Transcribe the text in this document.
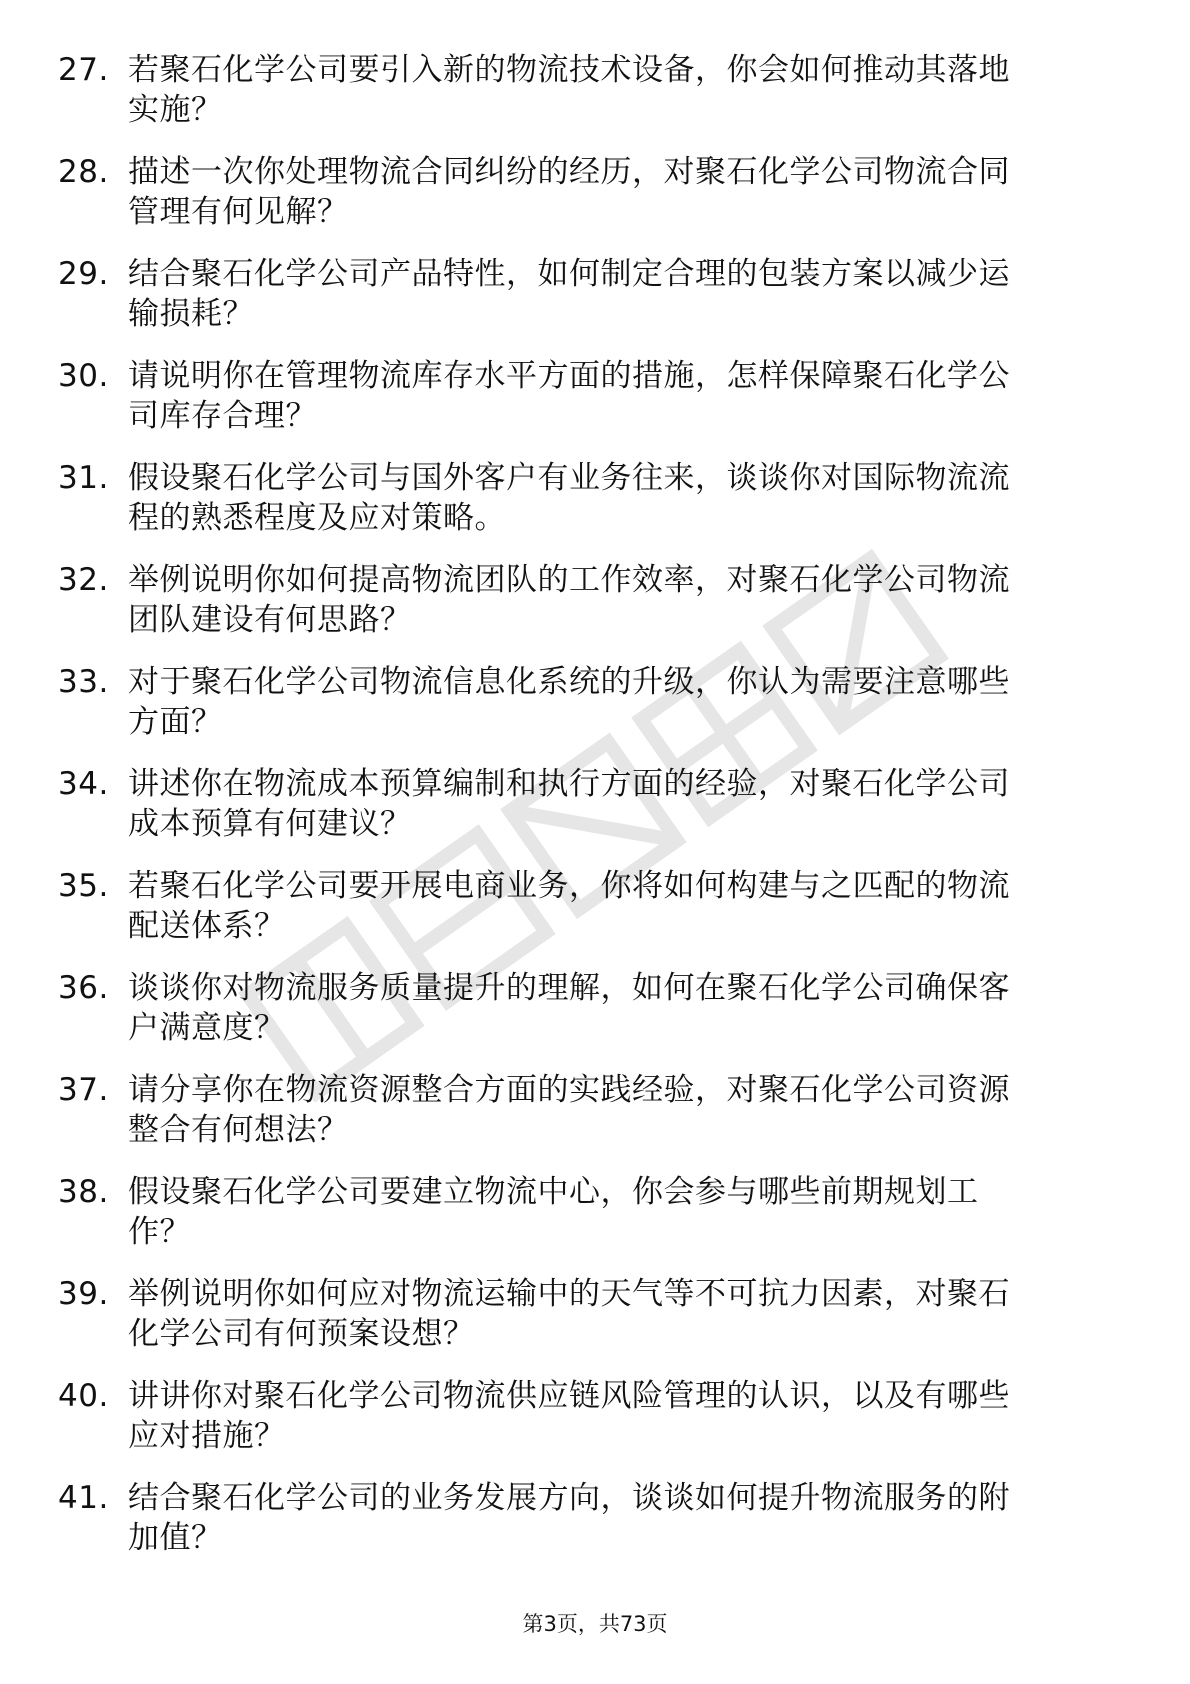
27. 若聚石化学公司要引入新的物流技术设备，你会如何推动其落地
实施？
28. 描述一次你处理物流合同纠纷的经历，对聚石化学公司物流合同
管理有何见解？
29. 结合聚石化学公司产品特性，如何制定合理的包装方案以减少运
输损耗？
30. 请说明你在管理物流库存水平方面的措施，怎样保障聚石化学公
司库存合理？
31. 假设聚石化学公司与国外客户有业务往来，谈谈你对国际物流流
程的熟悉程度及应对策略。
32. 举例说明你如何提高物流团队的工作效率，对聚石化学公司物流
团队建设有何思路？
33. 对于聚石化学公司物流信息化系统的升级，你认为需要注意哪些
方面？
34. 讲述你在物流成本预算编制和执行方面的经验，对聚石化学公司
成本预算有何建议？
35. 若聚石化学公司要开展电商业务，你将如何构建与之匹配的物流
配送体系？
36. 谈谈你对物流服务质量提升的理解，如何在聚石化学公司确保客
户满意度？
37. 请分享你在物流资源整合方面的实践经验，对聚石化学公司资源
整合有何想法？
38. 假设聚石化学公司要建立物流中心，你会参与哪些前期规划工
作？
39. 举例说明你如何应对物流运输中的天气等不可抗力因素，对聚石
化学公司有何预案设想？
40. 讲讲你对聚石化学公司物流供应链风险管理的认识，以及有哪些
应对措施？
41. 结合聚石化学公司的业务发展方向，谈谈如何提升物流服务的附
加值？
第3页，共73页
